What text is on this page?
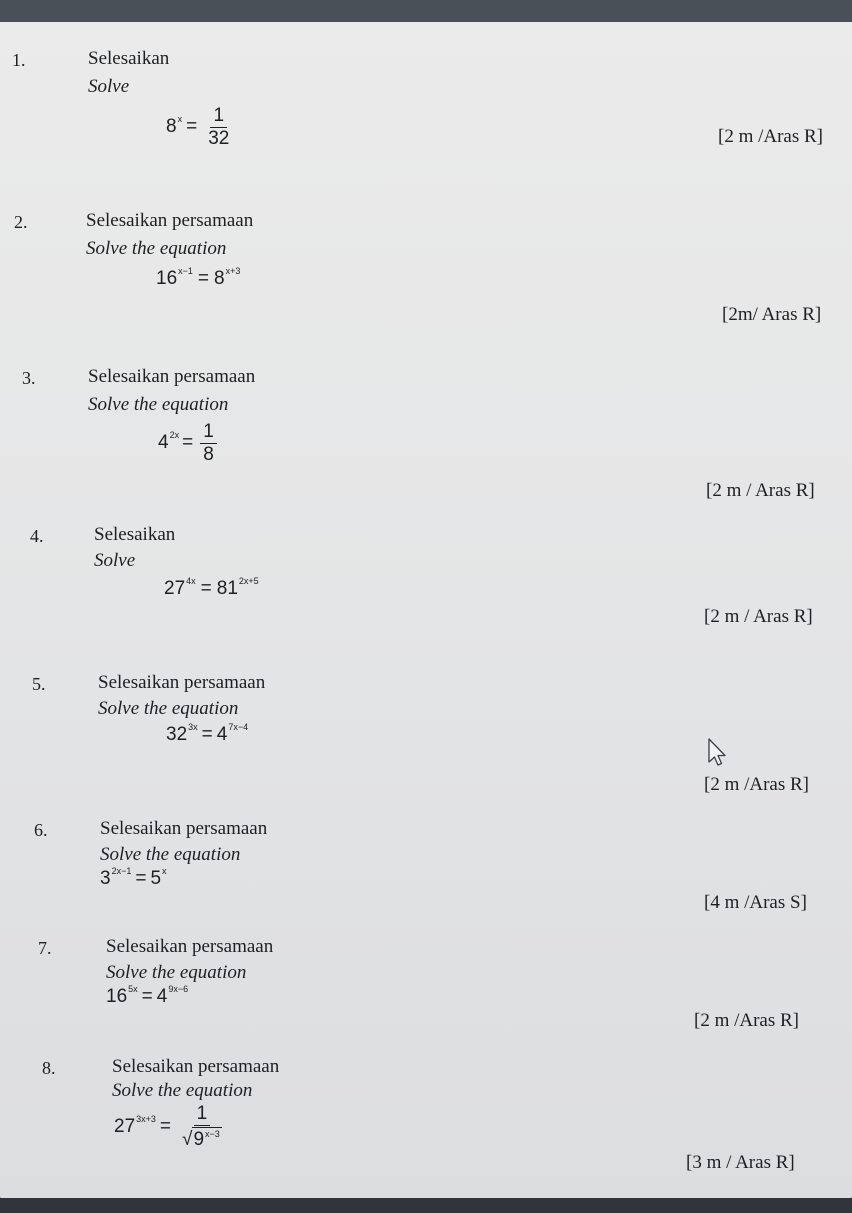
1.	Selesaikan
Solve
$8^x = \frac{1}{32}$	[2 m /Aras R]
2.	Selesaikan persamaan
Solve the equation
$16^{x-1} = 8^{x+3}$
[2m/ Aras R]
3.	Selesaikan persamaan
Solve the equation
$4^{2x} = \frac{1}{8}$
[2 m / Aras R]
4.	Selesaikan
Solve
$27^{4x} = 81^{2x+5}$
[2 m / Aras R]
5.	Selesaikan persamaan
Solve the equation
$32^{3x} = 4^{7x-4}$
[2 m /Aras R]
6.	Selesaikan persamaan
Solve the equation
$3^{2x-1} = 5^x$
[4 m /Aras S]
7.	Selesaikan persamaan
Solve the equation
$16^{5x} = 4^{9x-6}$
[2 m /Aras R]
8.	Selesaikan persamaan
Solve the equation
$27^{3x+3} = \frac{1}{√ 9^{x-3}}$
[3 m / Aras R]
